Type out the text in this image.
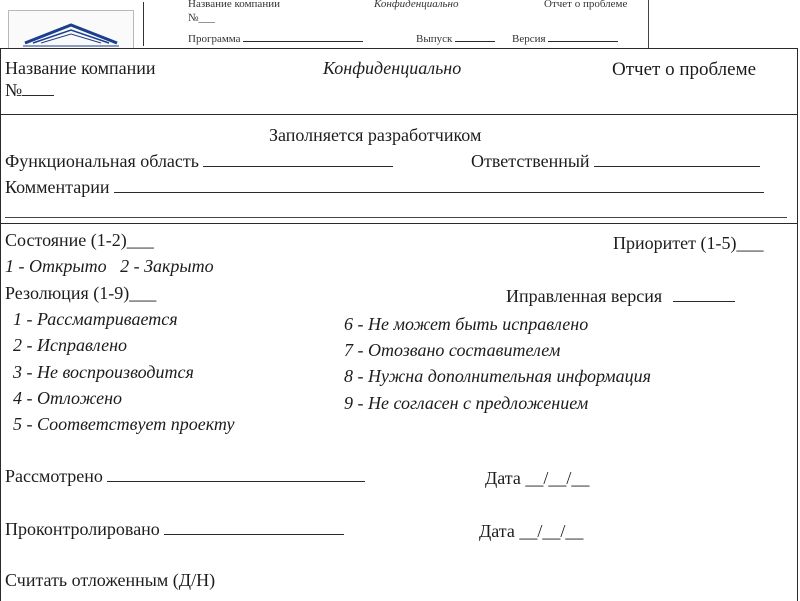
Название компании	Конфиденциально	Отчет о проблеме
№___
Программа	Выпуск	Версия
Название компании	Конфиденциально	Отчет о проблеме
№
Заполняется разработчиком
Функциональная область	Ответственный
Комментарии
Состояние (1-2)___	Приоритет (1-5)___
1 - Открыто   2 - Закрыто
Резолюция (1-9)___	Иправленная версия
1 - Рассматривается
2 - Исправлено
3 - Не воспроизводится
4 - Отложено
5 - Соответствует проекту
6 - Не может быть исправлено
7 - Отозвано составителем
8 - Нужна дополнительная информация
9 - Не согласен с предложением
Рассмотрено	Дата __/__/__
Проконтролировано	Дата __/__/__
Считать отложенным (Д/Н)
